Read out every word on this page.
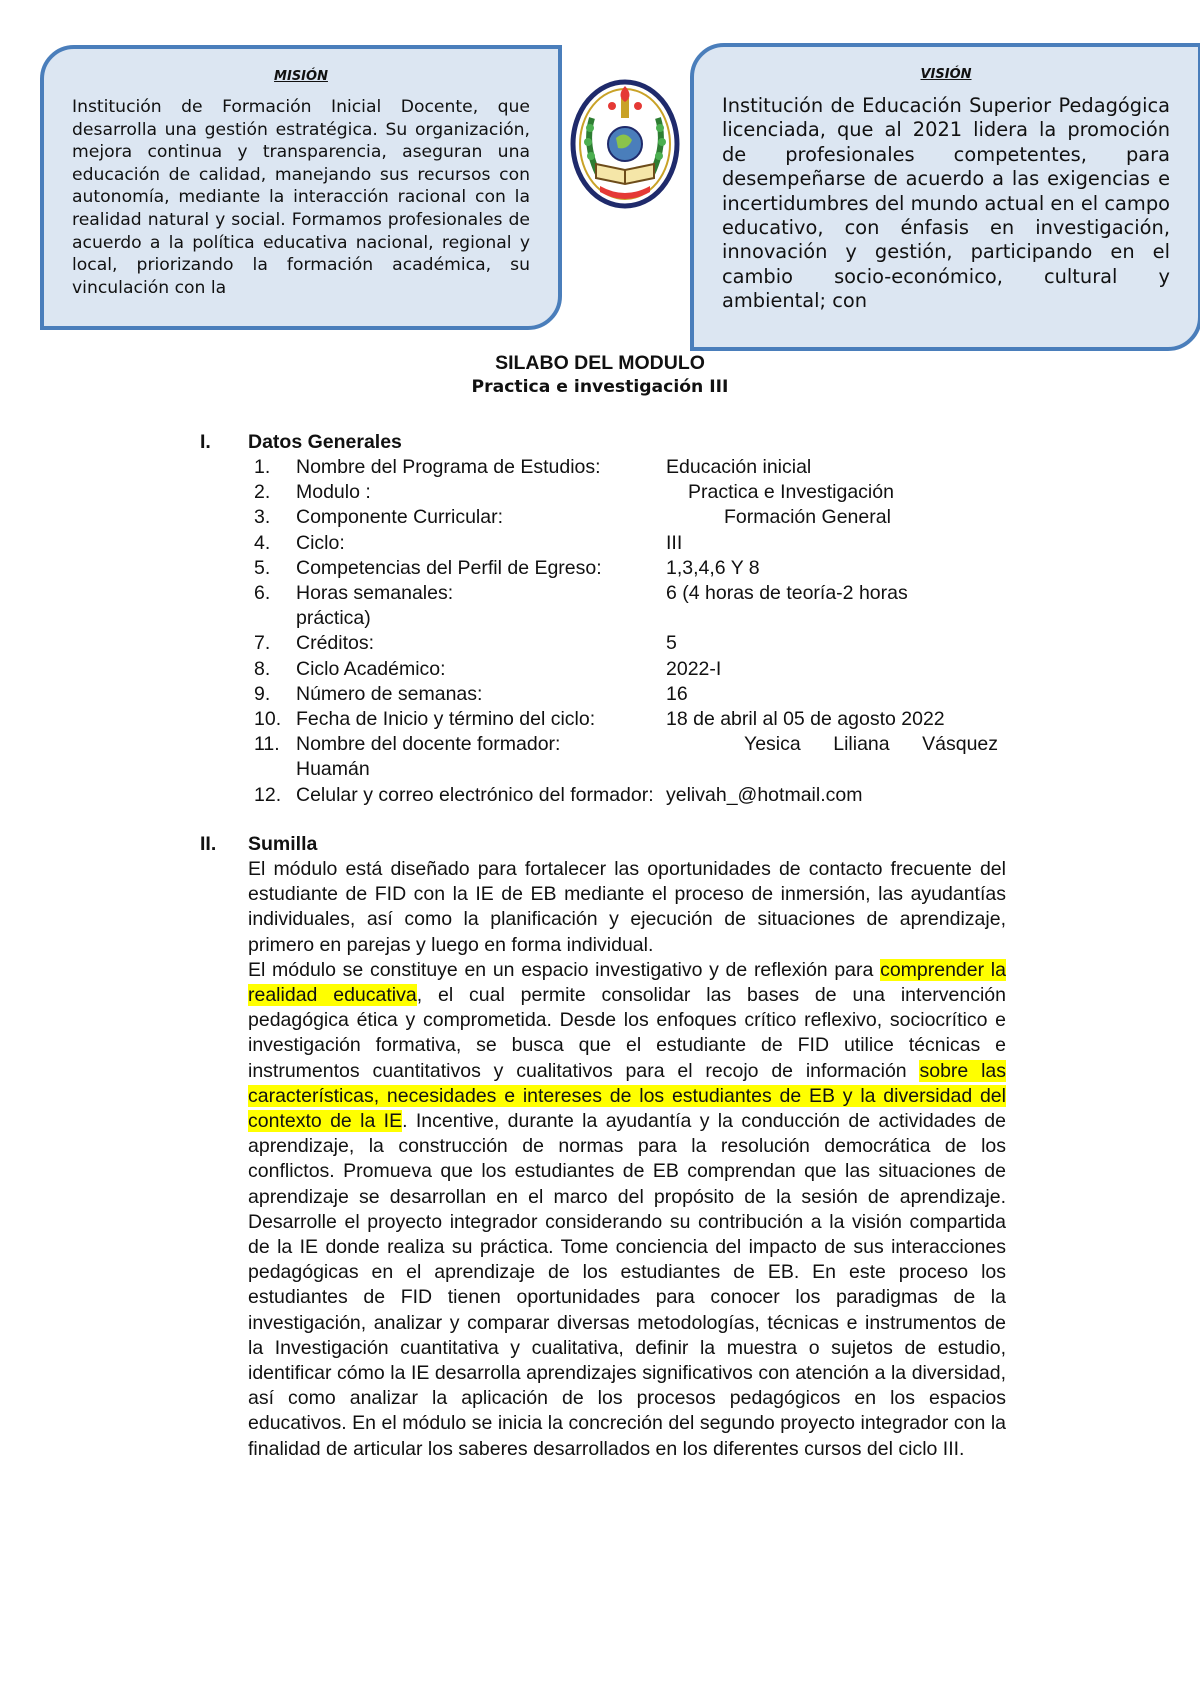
MISIÓN
Institución de Formación Inicial Docente, que desarrolla una gestión estratégica. Su organización, mejora continua y transparencia, aseguran una educación de calidad, manejando sus recursos con autonomía, mediante la interacción racional con la realidad natural y social. Formamos profesionales de acuerdo a la política educativa nacional, regional y local, priorizando la formación académica, su vinculación con la
VISIÓN
Institución de Educación Superior Pedagógica licenciada, que al 2021 lidera la promoción de profesionales competentes, para desempeñarse de acuerdo a las exigencias e incertidumbres del mundo actual en el campo educativo, con énfasis en investigación, innovación y gestión, participando en el cambio socio-económico, cultural y ambiental; con
SILABO DEL MODULO
Practica e investigación III
I. Datos Generales
1.	Nombre del Programa de Estudios:	Educación inicial
2.	Modulo :	Practica e Investigación
3.	Componente Curricular:	Formación General
4.	Ciclo:	III
5.	Competencias del Perfil de Egreso:	1,3,4,6 Y 8
6.	Horas semanales:	6 (4 horas de teoría-2 horas
práctica)
7.	Créditos:	5
8.	Ciclo Académico:	2022-I
9.	Número de semanas:	16
10. Fecha de Inicio y término del ciclo:	18 de abril al 05 de agosto 2022
11. Nombre del docente formador:	Yesica      Liliana      Vásquez
Huamán
12. Celular y correo electrónico del formador: yelivah_@hotmail.com
II. Sumilla

El módulo está diseñado para fortalecer las oportunidades de contacto frecuente del estudiante de FID con la IE de EB mediante el proceso de inmersión, las ayudantías individuales, así como la planificación y ejecución de situaciones de aprendizaje, primero en parejas y luego en forma individual.

El módulo se constituye en un espacio investigativo y de reflexión para comprender la realidad educativa, el cual permite consolidar las bases de una intervención pedagógica ética y comprometida. Desde los enfoques crítico reflexivo, sociocrítico e investigación formativa, se busca que el estudiante de FID utilice técnicas e instrumentos cuantitativos y cualitativos para el recojo de información sobre las características, necesidades e intereses de los estudiantes de EB y la diversidad del contexto de la IE. Incentive, durante la ayudantía y la conducción de actividades de aprendizaje, la construcción de normas para la resolución democrática de los conflictos. Promueva que los estudiantes de EB comprendan que las situaciones de aprendizaje se desarrollan en el marco del propósito de la sesión de aprendizaje. Desarrolle el proyecto integrador considerando su contribución a la visión compartida de la IE donde realiza su práctica. Tome conciencia del impacto de sus interacciones pedagógicas en el aprendizaje de los estudiantes de EB. En este proceso los estudiantes de FID tienen oportunidades para conocer los paradigmas de la investigación, analizar y comparar diversas metodologías, técnicas e instrumentos de la Investigación cuantitativa y cualitativa, definir la muestra o sujetos de estudio, identificar cómo la IE desarrolla aprendizajes significativos con atención a la diversidad, así como analizar la aplicación de los procesos pedagógicos en los espacios educativos. En el módulo se inicia la concreción del segundo proyecto integrador con la finalidad de articular los saberes desarrollados en los diferentes cursos del ciclo III.
